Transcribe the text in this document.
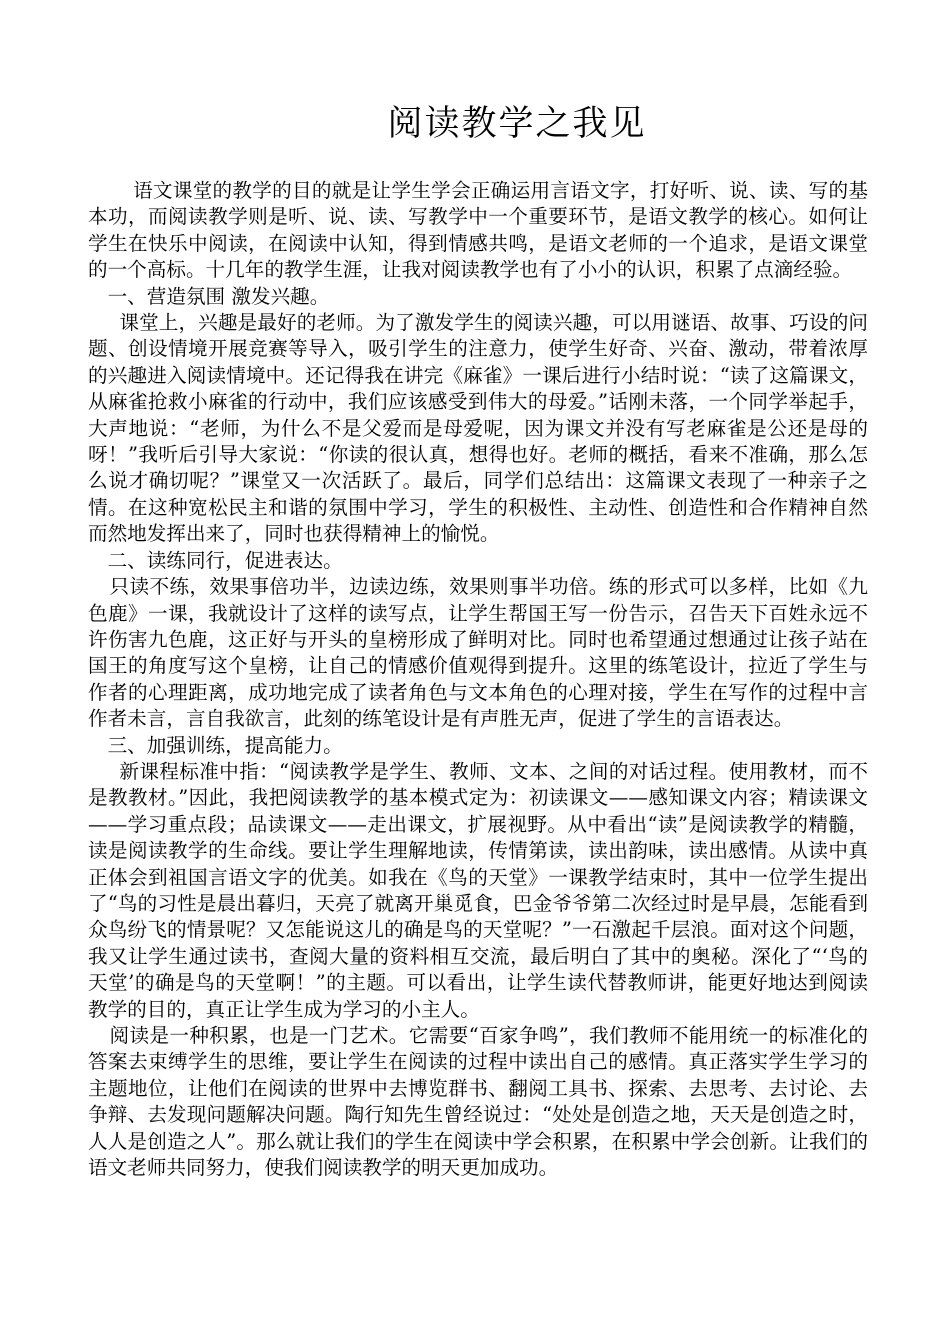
阅读教学之我见

语文课堂的教学的目的就是让学生学会正确运用言语文字，打好听、说、读、写的基本功，而阅读教学则是听、说、读、写教学中一个重要环节，是语文教学的核心。如何让学生在快乐中阅读，在阅读中认知，得到情感共鸣，是语文老师的一个追求，是语文课堂的一个高标。十几年的教学生涯，让我对阅读教学也有了小小的认识，积累了点滴经验。

一、营造氛围 激发兴趣。

课堂上，兴趣是最好的老师。为了激发学生的阅读兴趣，可以用谜语、故事、巧设的问题、创设情境开展竞赛等导入，吸引学生的注意力，使学生好奇、兴奋、激动，带着浓厚的兴趣进入阅读情境中。还记得我在讲完《麻雀》一课后进行小结时说：“读了这篇课文，从麻雀抢救小麻雀的行动中，我们应该感受到伟大的母爱。”话刚未落，一个同学举起手，大声地说：“老师，为什么不是父爱而是母爱呢，因为课文并没有写老麻雀是公还是母的呀！”我听后引导大家说：“你读的很认真，想得也好。老师的概括，看来不准确，那么怎么说才确切呢？”课堂又一次活跃了。最后，同学们总结出：这篇课文表现了一种亲子之情。在这种宽松民主和谐的氛围中学习，学生的积极性、主动性、创造性和合作精神自然而然地发挥出来了，同时也获得精神上的愉悦。

二、读练同行，促进表达。

只读不练，效果事倍功半，边读边练，效果则事半功倍。练的形式可以多样，比如《九色鹿》一课，我就设计了这样的读写点，让学生帮国王写一份告示，召告天下百姓永远不许伤害九色鹿，这正好与开头的皇榜形成了鲜明对比。同时也希望通过想通过让孩子站在国王的角度写这个皇榜，让自己的情感价值观得到提升。这里的练笔设计，拉近了学生与作者的心理距离，成功地完成了读者角色与文本角色的心理对接，学生在写作的过程中言作者未言，言自我欲言，此刻的练笔设计是有声胜无声，促进了学生的言语表达。

三、加强训练，提高能力。

新课程标准中指：“阅读教学是学生、教师、文本、之间的对话过程。使用教材，而不是教教材。”因此，我把阅读教学的基本模式定为：初读课文——感知课文内容；精读课文——学习重点段；品读课文——走出课文，扩展视野。从中看出“读”是阅读教学的精髓，读是阅读教学的生命线。要让学生理解地读，传情第读，读出韵味，读出感情。从读中真正体会到祖国言语文字的优美。如我在《鸟的天堂》一课教学结束时，其中一位学生提出了“鸟的习性是晨出暮归，天亮了就离开巢觅食，巴金爷爷第二次经过时是早晨，怎能看到众鸟纷飞的情景呢？又怎能说这儿的确是鸟的天堂呢？”一石激起千层浪。面对这个问题，我又让学生通过读书，查阅大量的资料相互交流，最后明白了其中的奥秘。深化了“‘鸟的天堂’的确是鸟的天堂啊！”的主题。可以看出，让学生读代替教师讲，能更好地达到阅读教学的目的，真正让学生成为学习的小主人。

阅读是一种积累，也是一门艺术。它需要“百家争鸣”，我们教师不能用统一的标准化的答案去束缚学生的思维，要让学生在阅读的过程中读出自己的感情。真正落实学生学习的主题地位，让他们在阅读的世界中去博览群书、翻阅工具书、探索、去思考、去讨论、去争辩、去发现问题解决问题。陶行知先生曾经说过：“处处是创造之地，天天是创造之时，人人是创造之人”。那么就让我们的学生在阅读中学会积累，在积累中学会创新。让我们的语文老师共同努力，使我们阅读教学的明天更加成功。
